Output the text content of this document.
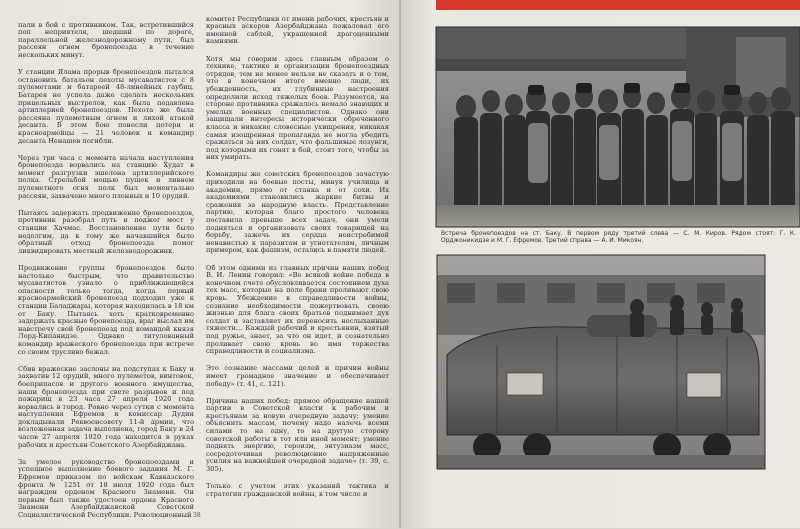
пали в бой с противником. Так, встретившийся поп неприятеля, шедший по дороге, параллельной железнодорожному пути, был рассеян огнем бронепоезда в течение нескольких минут.

У станции Ялама прорыв бронепоездов пытался остановить батальон пехоты мусаватистов с 8 пулеметами и батареей 48-линейных гаубиц. Батарея не успела даже сделать нескольких прицельных выстрелов, как была подавлена артиллерией бронепоездов. Пехота же была рассеяна пулеметным огнем и лихой атакой десанта. В этом бою понесли потери и красноармейцы — 21 человек и командир десанта Ненашев погибли.

Через три часа с момента начала наступления бронепоезда ворвались на станцию Худат в момент разгрузки эшелона артиллерийского полка. Стрельбой мощью пушек и ливнем пулеметного огня полк был моментально рассеян, захвачено много пленных и 10 орудий.

Пытаясь задержать продвижение бронепоездов, противник разобрал путь и поджег мост у станции Хачмас. Восстановление пути было недолгим, да к тому же начавшийся было обратный отход бронепоезда помог ликвидировать местный железнодорожник.

Продвижение группы бронепоездов было настолько быстрым, что правительство мусаватистов узнало о приближающейся опасности только тогда, когда первый красноармейский бронепоезд подходил уже к станции Баладжары, которая находилась в 18 км от Баку. Пытаясь хоть кратковременно задержать красные бронепоезда, враг выслал им навстречу свой бронепоезд под командой князя Лорд-Кипанидзе. Однако титулованный командир вражеского бронепоезда при встрече со своим трусливо бежал.

Сбив вражеские заслоны на подступах к Баку и захватив 12 орудий, много пулеметов, винтовок, боеприпасов и другого военного имущества, наши бронепоезда при свете разрывов и под пожарищ в 23 часа 27 апреля 1920 года ворвались в город. Ровно через сутки с момента наступления Ефремов и комиссар Дудин докладывали Реввоенсовету 11-й армии, что возложенная задача выполнена, город Баку в 24 часов 27 апреля 1920 года находится в руках рабочих и крестьян Советского Азербайджана.

За умелое руководство бронепоездами и успешное выполнение боевого задания М. Г. Ефремов приказом по войскам Кавказского фронта № 1251 от 18 июля 1920 года был награжден орденом Красного Знамени. Он первым был также удостоен ордена Красного Знамени Азербайджанской Советской Социалистической Республики. Революционный

комитет Республики от имени рабочих, крестьян и красных аскеров Азербайджана пожаловал его именной саблей, украшенной драгоценными камнями.

Хотя мы говорим здесь главным образом о технике, тактике и организации бронепоездных отрядов, тем не менее нельзя не сказать и о том, что в конечном итоге именно люди, их убежденность, их глубинные настроения определили исход тяжелых боев. Разумеется, на стороне противника сражалось немало знающих и умелых военных специалистов. Однако они защищали интересы исторически обреченного класса и никакие словесные ухищрения, никакая самая изощренная пропаганда не могла убедить сражаться за них солдат, что фальшивые лозунги, под которыми их гонят в бой, стоят того, чтобы за них умирать.

Командиры же советских бронепоездов зачастую приходили на боевые посты, минуя училища и академии, прямо от станка и от сохи. Их академиями становились жаркие битвы и сражения за народную власть. Представление партию, которая благо простого человека поставила превыше всех задач, они умели подняться и организовать своих товарищей на борьбу, зажечь их сердца неистребимой ненавистью к паразитам и угнетателям, личным примером, как фашизм, остались в памяти людей.

Об этом одними из главных причин наших побед В. И. Ленин говорил: «Во всякой войне победа в конечном счете обусловливается состоянием духа тех масс, которые на поле брани проливают свою кровь. Убеждение в справедливости войны, сознание необходимости пожертвовать своею жизнью для блага своих братьев поднимает дух солдат и заставляет их переносить неслыханные тяжести... Каждый рабочий и крестьянин, взятый под ружье, знает, за что он идет, и сознательно проливает свою кровь во имя торжества справедливости и социализма.

Это сознание массами целей и причин войны имеет громадное значение и обеспечивает победу» (т. 41, с. 121).

Причина наших побед: прямое обращение нашей партии в Советской власти к рабочим и крестьянам за новую очередную задачу; умение объяснить массам, почему надо налечь всеми силами то на одну, то на другую сторону советской работы в тот или иной момент; умение поднять энергию, героизм, энтузиазм масс, сосредоточивая революционно напряженные усилия на важнейшей очередной задаче» (т. 39, с. 305).

Только с учетом этих указаний тактика и стратегия гражданской войны, в том числе и

38
Встреча бронепоездов на ст. Баку. В первом ряду третий слева — С. М. Киров. Рядом стоят: Г. К. Орджоникидзе и М. Г. Ефремов. Третий справа — А. И. Микоян.
